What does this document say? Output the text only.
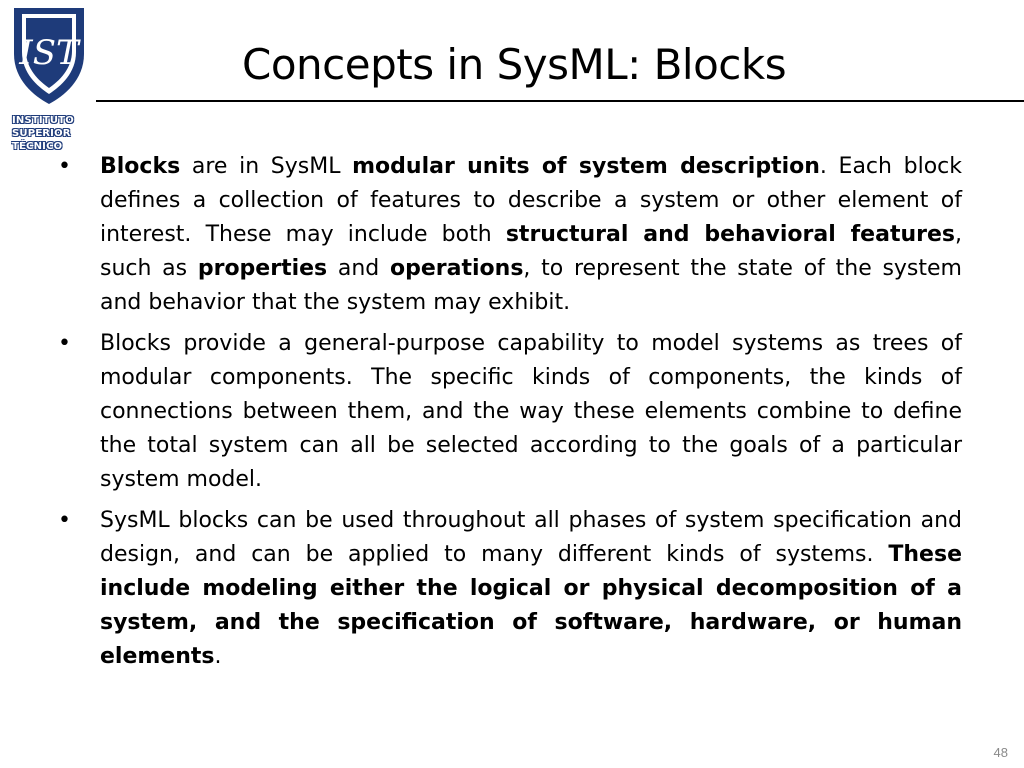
IST
INSTITUTO
SUPERIOR
TÉCNICO
Concepts in SysML: Blocks
• Blocks are in SysML modular units of system description. Each block defines a collection of features to describe a system or other element of interest. These may include both structural and behavioral features, such as properties and operations, to represent the state of the system and behavior that the system may exhibit.
• Blocks provide a general-purpose capability to model systems as trees of modular components. The specific kinds of components, the kinds of connections between them, and the way these elements combine to define the total system can all be selected according to the goals of a particular system model.
• SysML blocks can be used throughout all phases of system specification and design, and can be applied to many different kinds of systems. These include modeling either the logical or physical decomposition of a system, and the specification of software, hardware, or human elements.
48
